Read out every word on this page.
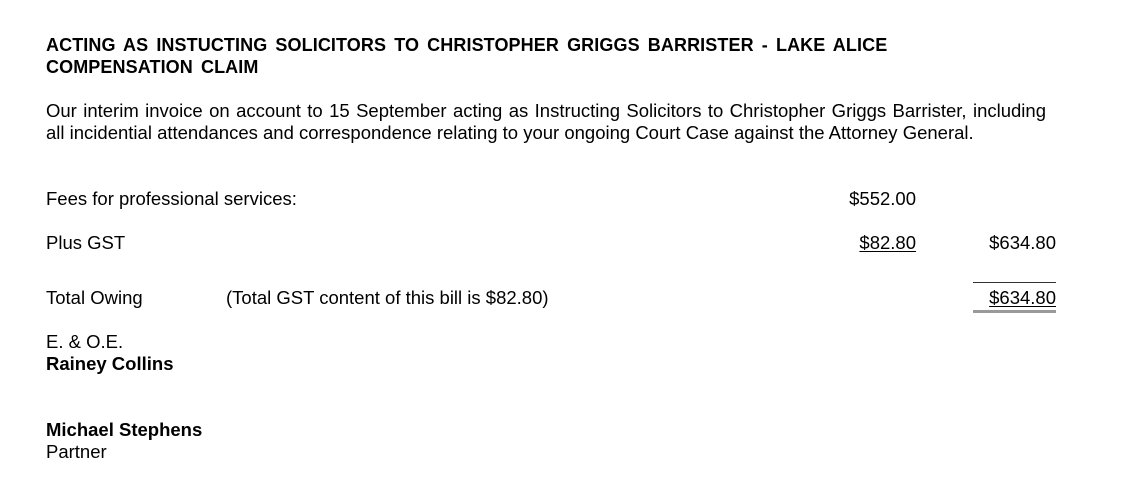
ACTING AS INSTUCTING SOLICITORS TO CHRISTOPHER GRIGGS BARRISTER - LAKE ALICE
COMPENSATION CLAIM
Our interim invoice on account to 15 September acting as Instructing Solicitors to Christopher Griggs Barrister, including all incidential attendances and correspondence relating to your ongoing Court Case against the Attorney General.
Fees for professional services:	$552.00
Plus GST	$82.80	$634.80
Total Owing	(Total GST content of this bill is $82.80)	$634.80
E. & O.E.
Rainey Collins
Michael Stephens
Partner
